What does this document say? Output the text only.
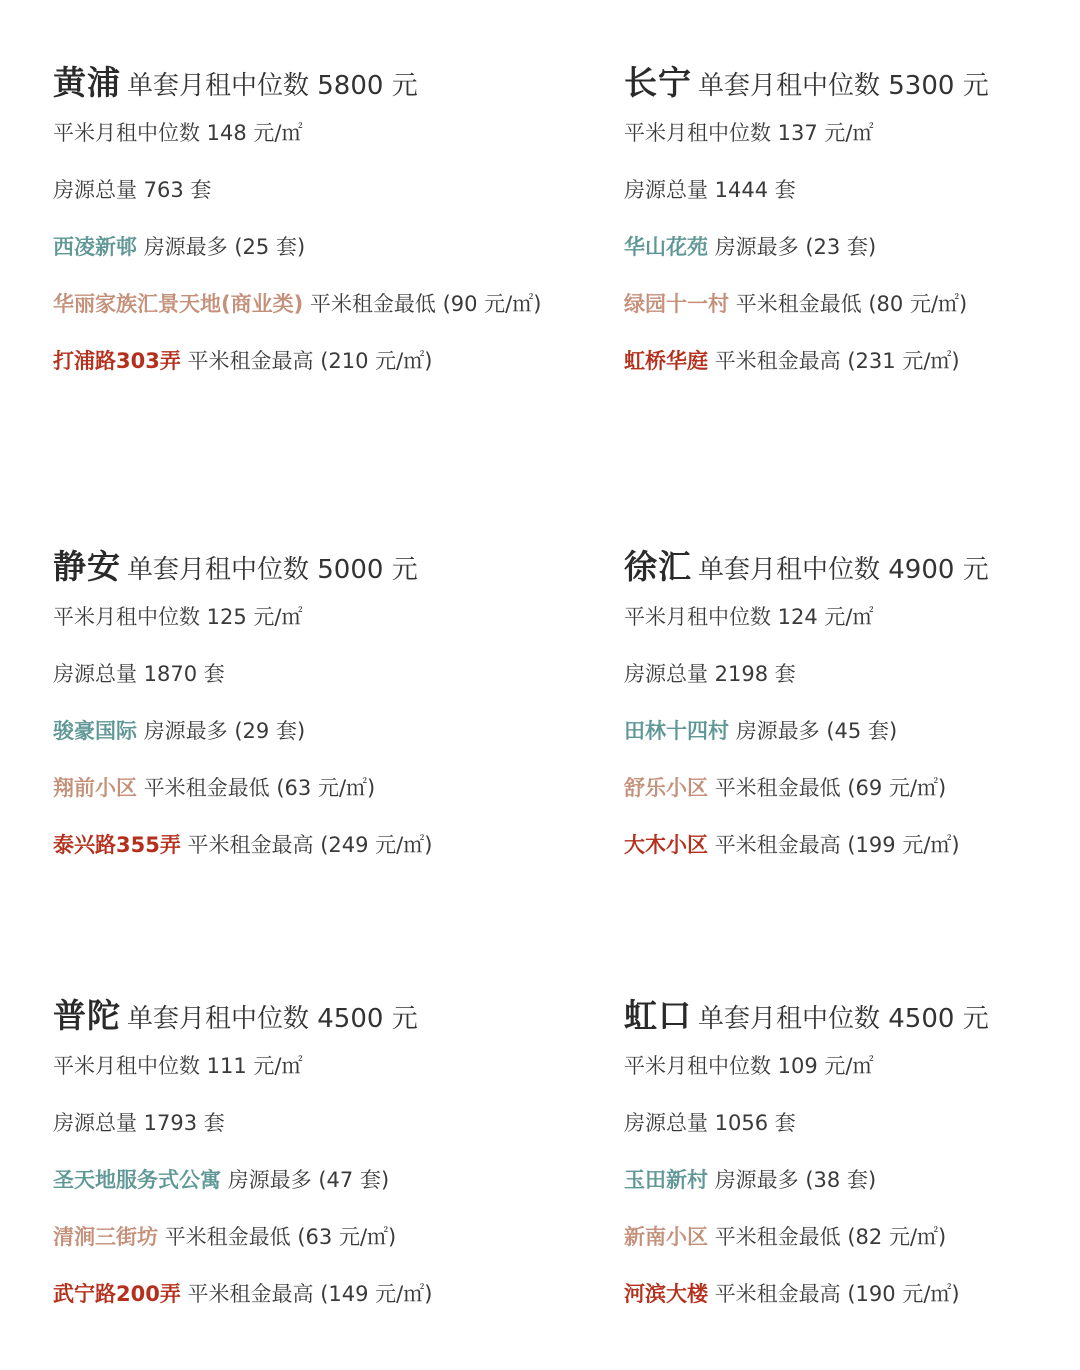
黄浦 单套月租中位数 5800 元
平米月租中位数 148 元/㎡
房源总量 763 套
西凌新邨 房源最多 (25 套)
华丽家族汇景天地(商业类) 平米租金最低 (90 元/㎡)
打浦路303弄 平米租金最高 (210 元/㎡)
长宁 单套月租中位数 5300 元
平米月租中位数 137 元/㎡
房源总量 1444 套
华山花苑 房源最多 (23 套)
绿园十一村 平米租金最低 (80 元/㎡)
虹桥华庭 平米租金最高 (231 元/㎡)
静安 单套月租中位数 5000 元
平米月租中位数 125 元/㎡
房源总量 1870 套
骏豪国际 房源最多 (29 套)
翔前小区 平米租金最低 (63 元/㎡)
泰兴路355弄 平米租金最高 (249 元/㎡)
徐汇 单套月租中位数 4900 元
平米月租中位数 124 元/㎡
房源总量 2198 套
田林十四村 房源最多 (45 套)
舒乐小区 平米租金最低 (69 元/㎡)
大木小区 平米租金最高 (199 元/㎡)
普陀 单套月租中位数 4500 元
平米月租中位数 111 元/㎡
房源总量 1793 套
圣天地服务式公寓 房源最多 (47 套)
清涧三街坊 平米租金最低 (63 元/㎡)
武宁路200弄 平米租金最高 (149 元/㎡)
虹口 单套月租中位数 4500 元
平米月租中位数 109 元/㎡
房源总量 1056 套
玉田新村 房源最多 (38 套)
新南小区 平米租金最低 (82 元/㎡)
河滨大楼 平米租金最高 (190 元/㎡)
